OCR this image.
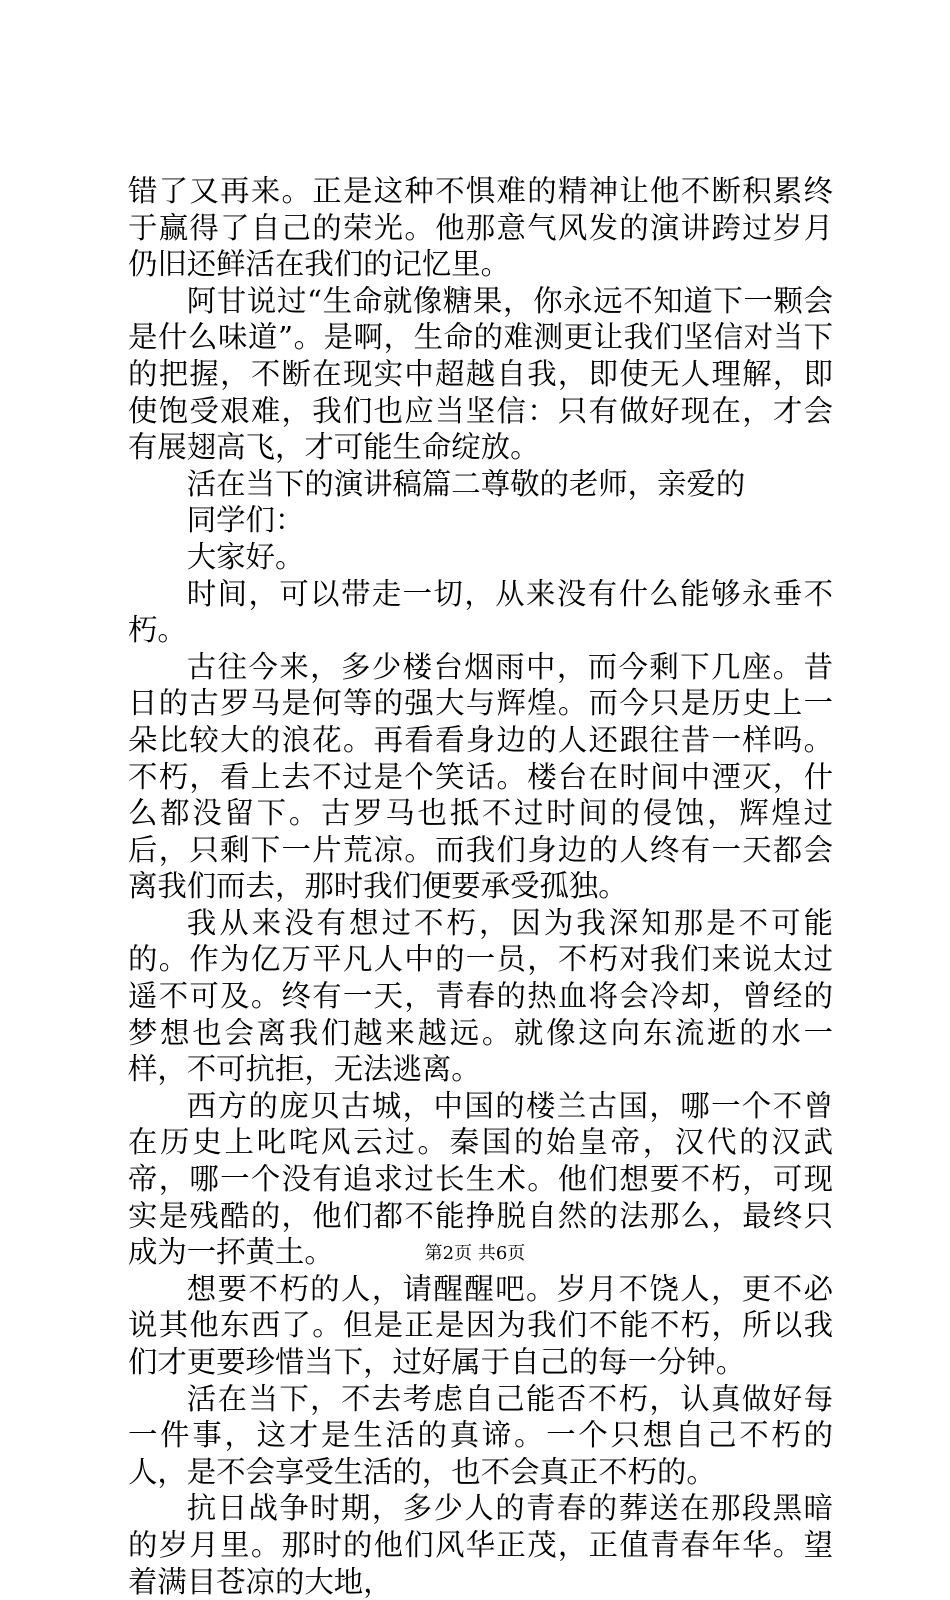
错了又再来。正是这种不惧难的精神让他不断积累终于赢得了自己的荣光。他那意气风发的演讲跨过岁月仍旧还鲜活在我们的记忆里。

阿甘说过“生命就像糖果，你永远不知道下一颗会是什么味道”。是啊，生命的难测更让我们坚信对当下的把握，不断在现实中超越自我，即使无人理解，即使饱受艰难，我们也应当坚信：只有做好现在，才会有展翅高飞，才可能生命绽放。

活在当下的演讲稿篇二尊敬的老师，亲爱的

同学们：

大家好。

时间，可以带走一切，从来没有什么能够永垂不朽。

古往今来，多少楼台烟雨中，而今剩下几座。昔日的古罗马是何等的强大与辉煌。而今只是历史上一朵比较大的浪花。再看看身边的人还跟往昔一样吗。不朽，看上去不过是个笑话。楼台在时间中湮灭，什么都没留下。古罗马也抵不过时间的侵蚀，辉煌过后，只剩下一片荒凉。而我们身边的人终有一天都会离我们而去，那时我们便要承受孤独。

我从来没有想过不朽，因为我深知那是不可能的。作为亿万平凡人中的一员，不朽对我们来说太过遥不可及。终有一天，青春的热血将会冷却，曾经的梦想也会离我们越来越远。就像这向东流逝的水一样，不可抗拒，无法逃离。

西方的庞贝古城，中国的楼兰古国，哪一个不曾在历史上叱咤风云过。秦国的始皇帝，汉代的汉武帝，哪一个没有追求过长生术。他们想要不朽，可现实是残酷的，他们都不能挣脱自然的法那么，最终只成为一抔黄土。

想要不朽的人，请醒醒吧。岁月不饶人，更不必说其他东西了。但是正是因为我们不能不朽，所以我们才更要珍惜当下，过好属于自己的每一分钟。

活在当下，不去考虑自己能否不朽，认真做好每一件事，这才是生活的真谛。一个只想自己不朽的人，是不会享受生活的，也不会真正不朽的。

抗日战争时期，多少人的青春的葬送在那段黑暗的岁月里。那时的他们风华正茂，正值青春年华。望着满目苍凉的大地，

第2页 共6页
